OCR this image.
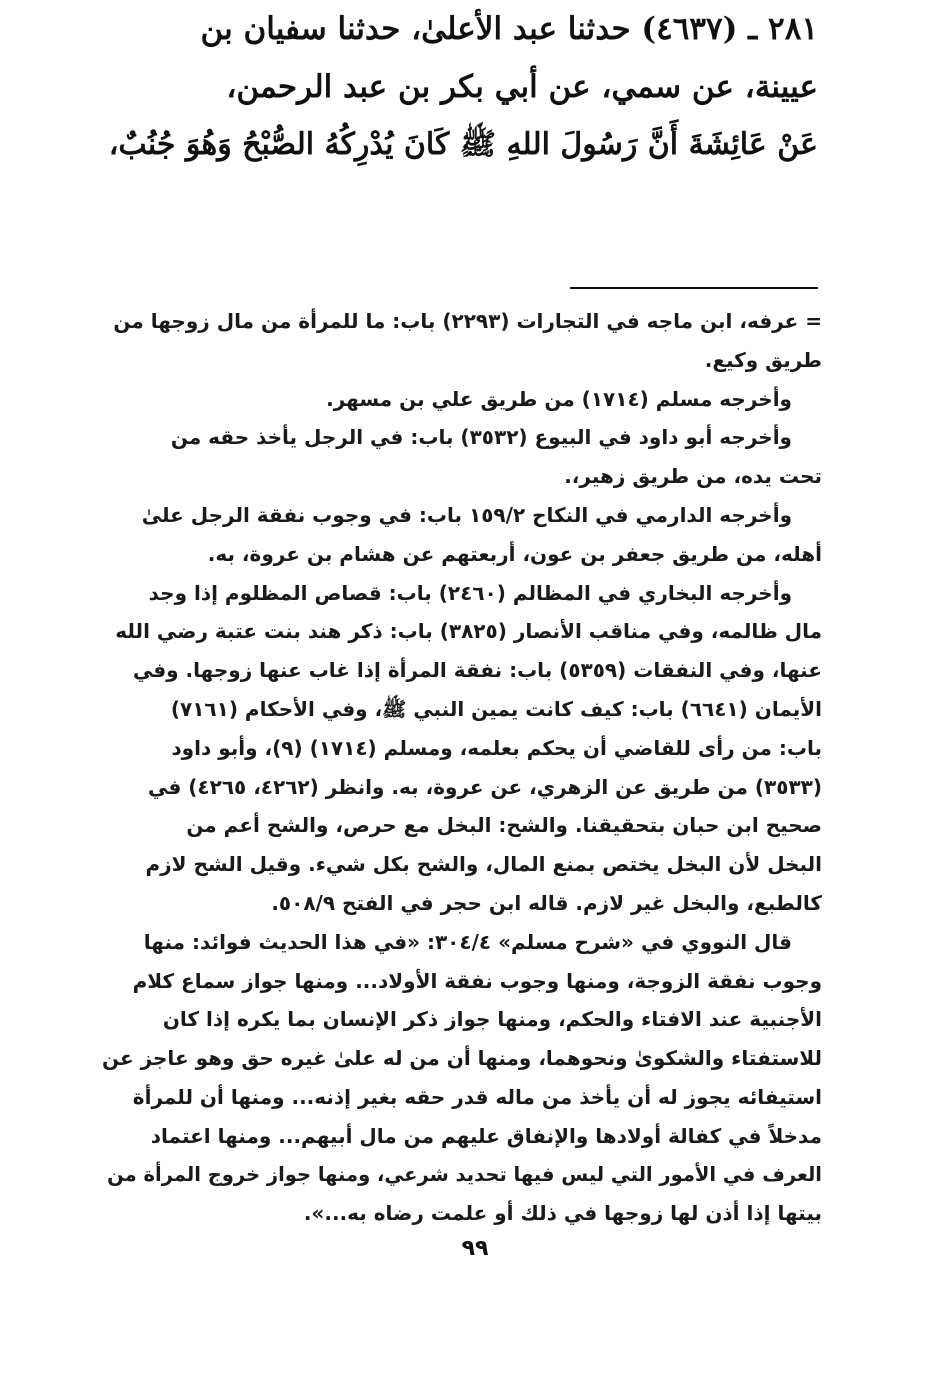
٢٨١ ـ (٤٦٣٧) حدثنا عبد الأعلىٰ، حدثنا سفيان بن
عيينة، عن سمي، عن أبي بكر بن عبد الرحمن،
عَنْ عَائِشَةَ أَنَّ رَسُولَ اللهِ ﷺ كَانَ يُدْرِكُهُ الصُّبْحُ وَهُوَ جُنُبٌ،
= عرفه، ابن ماجه في التجارات (٢٢٩٣) باب: ما للمرأة من مال زوجها من
طريق وكيع.
وأخرجه مسلم (١٧١٤) من طريق علي بن مسهر.
وأخرجه أبو داود في البيوع (٣٥٣٢) باب: في الرجل يأخذ حقه من
تحت يده، من طريق زهير،.
وأخرجه الدارمي في النكاح ١٥٩/٢ باب: في وجوب نفقة الرجل علىٰ
أهله، من طريق جعفر بن عون، أربعتهم عن هشام بن عروة، به.
وأخرجه البخاري في المظالم (٢٤٦٠) باب: قصاص المظلوم إذا وجد
مال ظالمه، وفي مناقب الأنصار (٣٨٢٥) باب: ذكر هند بنت عتبة رضي الله
عنها، وفي النفقات (٥٣٥٩) باب: نفقة المرأة إذا غاب عنها زوجها. وفي
الأيمان (٦٦٤١) باب: كيف كانت يمين النبي ﷺ، وفي الأحكام (٧١٦١)
باب: من رأى للقاضي أن يحكم بعلمه، ومسلم (١٧١٤) (٩)، وأبو داود
(٣٥٣٣) من طريق عن الزهري، عن عروة، به. وانظر (٤٢٦٢، ٤٢٦٥) في
صحيح ابن حبان بتحقيقنا. والشح: البخل مع حرص، والشح أعم من
البخل لأن البخل يختص بمنع المال، والشح بكل شيء. وقيل الشح لازم
كالطبع، والبخل غير لازم. قاله ابن حجر في الفتح ٥٠٨/٩.
قال النووي في «شرح مسلم» ٣٠٤/٤: «في هذا الحديث فوائد: منها
وجوب نفقة الزوجة، ومنها وجوب نفقة الأولاد... ومنها جواز سماع كلام
الأجنبية عند الافتاء والحكم، ومنها جواز ذكر الإنسان بما يكره إذا كان
للاستفتاء والشكوىٰ ونحوهما، ومنها أن من له علىٰ غيره حق وهو عاجز عن
استيفائه يجوز له أن يأخذ من ماله قدر حقه بغير إذنه... ومنها أن للمرأة
مدخلاً في كفالة أولادها والإنفاق عليهم من مال أبيهم... ومنها اعتماد
العرف في الأمور التي ليس فيها تحديد شرعي، ومنها جواز خروج المرأة من
بيتها إذا أذن لها زوجها في ذلك أو علمت رضاه به...».
٩٩
